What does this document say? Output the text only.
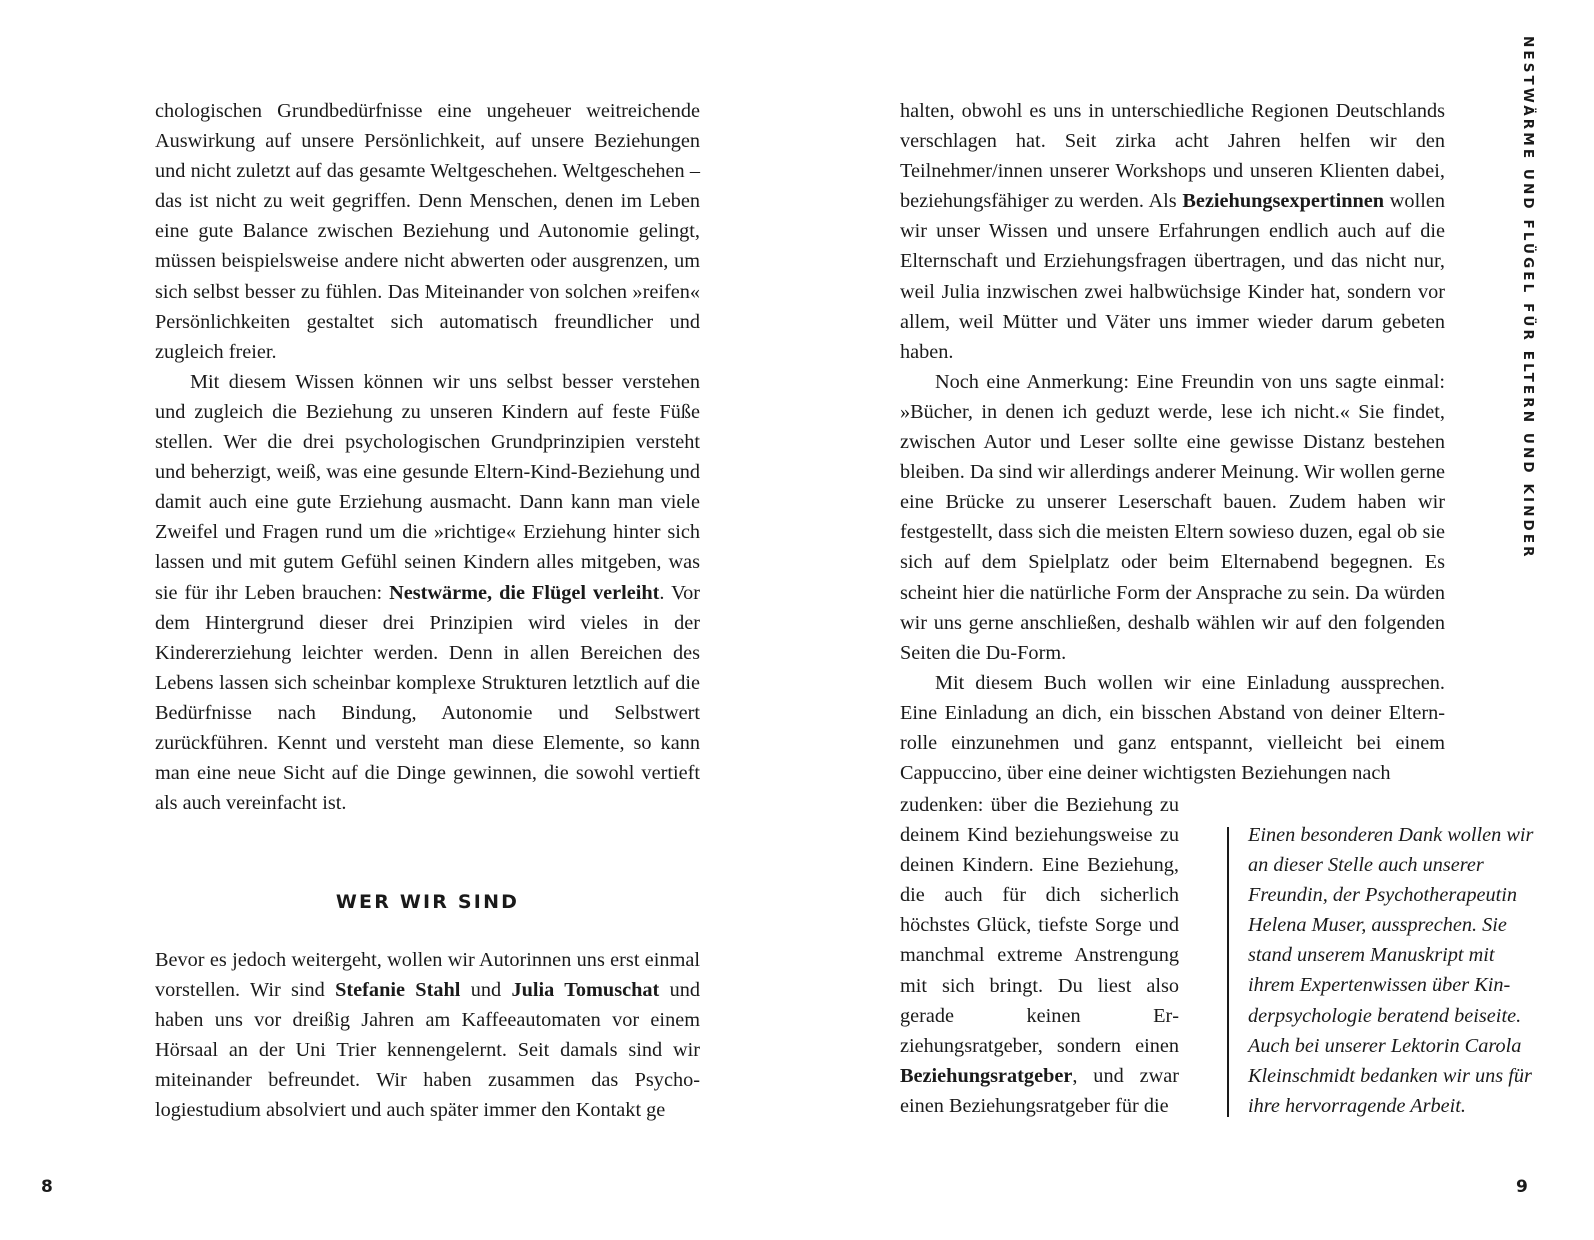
chologischen Grundbedürfnisse eine ungeheuer weitreichende Auswirkung auf unsere Persönlichkeit, auf unsere Beziehungen und nicht zuletzt auf das gesamte Weltgeschehen. Weltgeschehen – das ist nicht zu weit gegriffen. Denn Menschen, denen im Leben eine gute Balance zwischen Beziehung und Autonomie gelingt, müssen beispielsweise andere nicht abwerten oder ausgrenzen, um sich selbst besser zu fühlen. Das Miteinander von solchen »reifen« Persönlichkeiten gestaltet sich automatisch freundlicher und zugleich freier.

Mit diesem Wissen können wir uns selbst besser verstehen und zugleich die Beziehung zu unseren Kindern auf feste Füße stellen. Wer die drei psychologischen Grundprinzipien versteht und beherzigt, weiß, was eine gesunde Eltern-Kind-Beziehung und damit auch eine gute Erziehung ausmacht. Dann kann man viele Zweifel und Fragen rund um die »richtige« Erziehung hinter sich lassen und mit gutem Gefühl seinen Kindern alles mitgeben, was sie für ihr Leben brauchen: Nestwärme, die Flügel verleiht. Vor dem Hintergrund dieser drei Prinzipien wird vieles in der Kindererziehung leichter werden. Denn in allen Bereichen des Lebens lassen sich scheinbar komplexe Strukturen letztlich auf die Bedürfnisse nach Bindung, Autonomie und Selbstwert zurückführen. Kennt und versteht man diese Elemente, so kann man eine neue Sicht auf die Dinge gewinnen, die sowohl vertieft als auch vereinfacht ist.

WER WIR SIND

Bevor es jedoch weitergeht, wollen wir Autorinnen uns erst einmal vorstellen. Wir sind Stefanie Stahl und Julia Tomuschat und haben uns vor dreißig Jahren am Kaffeeautomaten vor einem Hörsaal an der Uni Trier kennengelernt. Seit damals sind wir miteinander befreundet. Wir haben zusammen das Psychologiestudium absolviert und auch später immer den Kontakt ge

8

halten, obwohl es uns in unterschiedliche Regionen Deutschlands verschlagen hat. Seit zirka acht Jahren helfen wir den Teilnehmer/innen unserer Workshops und unseren Klienten dabei, beziehungsfähiger zu werden. Als Beziehungsexpertinnen wollen wir unser Wissen und unsere Erfahrungen endlich auch auf die Elternschaft und Erziehungsfragen übertragen, und das nicht nur, weil Julia inzwischen zwei halbwüchsige Kinder hat, sondern vor allem, weil Mütter und Väter uns immer wieder darum gebeten haben.

Noch eine Anmerkung: Eine Freundin von uns sagte einmal: »Bücher, in denen ich geduzt werde, lese ich nicht.« Sie findet, zwischen Autor und Leser sollte eine gewisse Distanz bestehen bleiben. Da sind wir allerdings anderer Meinung. Wir wollen gerne eine Brücke zu unserer Leserschaft bauen. Zudem haben wir festgestellt, dass sich die meisten Eltern sowieso duzen, egal ob sie sich auf dem Spielplatz oder beim Elternabend begegnen. Es scheint hier die natürliche Form der Ansprache zu sein. Da würden wir uns gerne anschließen, deshalb wählen wir auf den folgenden Seiten die Du-Form.

Mit diesem Buch wollen wir eine Einladung aussprechen. Eine Einladung an dich, ein bisschen Abstand von deiner Elternrolle einzunehmen und ganz entspannt, vielleicht bei einem Cappuccino, über eine deiner wichtigsten Beziehungen nach

zudenken: über die Beziehung zu deinem Kind beziehungsweise zu deinen Kindern. Eine Beziehung, die auch für dich sicherlich höchstes Glück, tiefste Sorge und manchmal extreme Anstrengung mit sich bringt. Du liest also gerade keinen Erziehungsratgeber, sondern einen Beziehungsratgeber, und zwar einen Beziehungsratgeber für die

Einen besonderen Dank wollen wir an dieser Stelle auch unserer Freundin, der Psychotherapeutin Helena Muser, aussprechen. Sie stand unserem Manuskript mit ihrem Expertenwissen über Kinderpsychologie beratend beiseite. Auch bei unserer Lektorin Carola Kleinschmidt bedanken wir uns für ihre hervorragende Arbeit.
NESTWÄRME UND FLÜGEL FÜR ELTERN UND KINDER
9
